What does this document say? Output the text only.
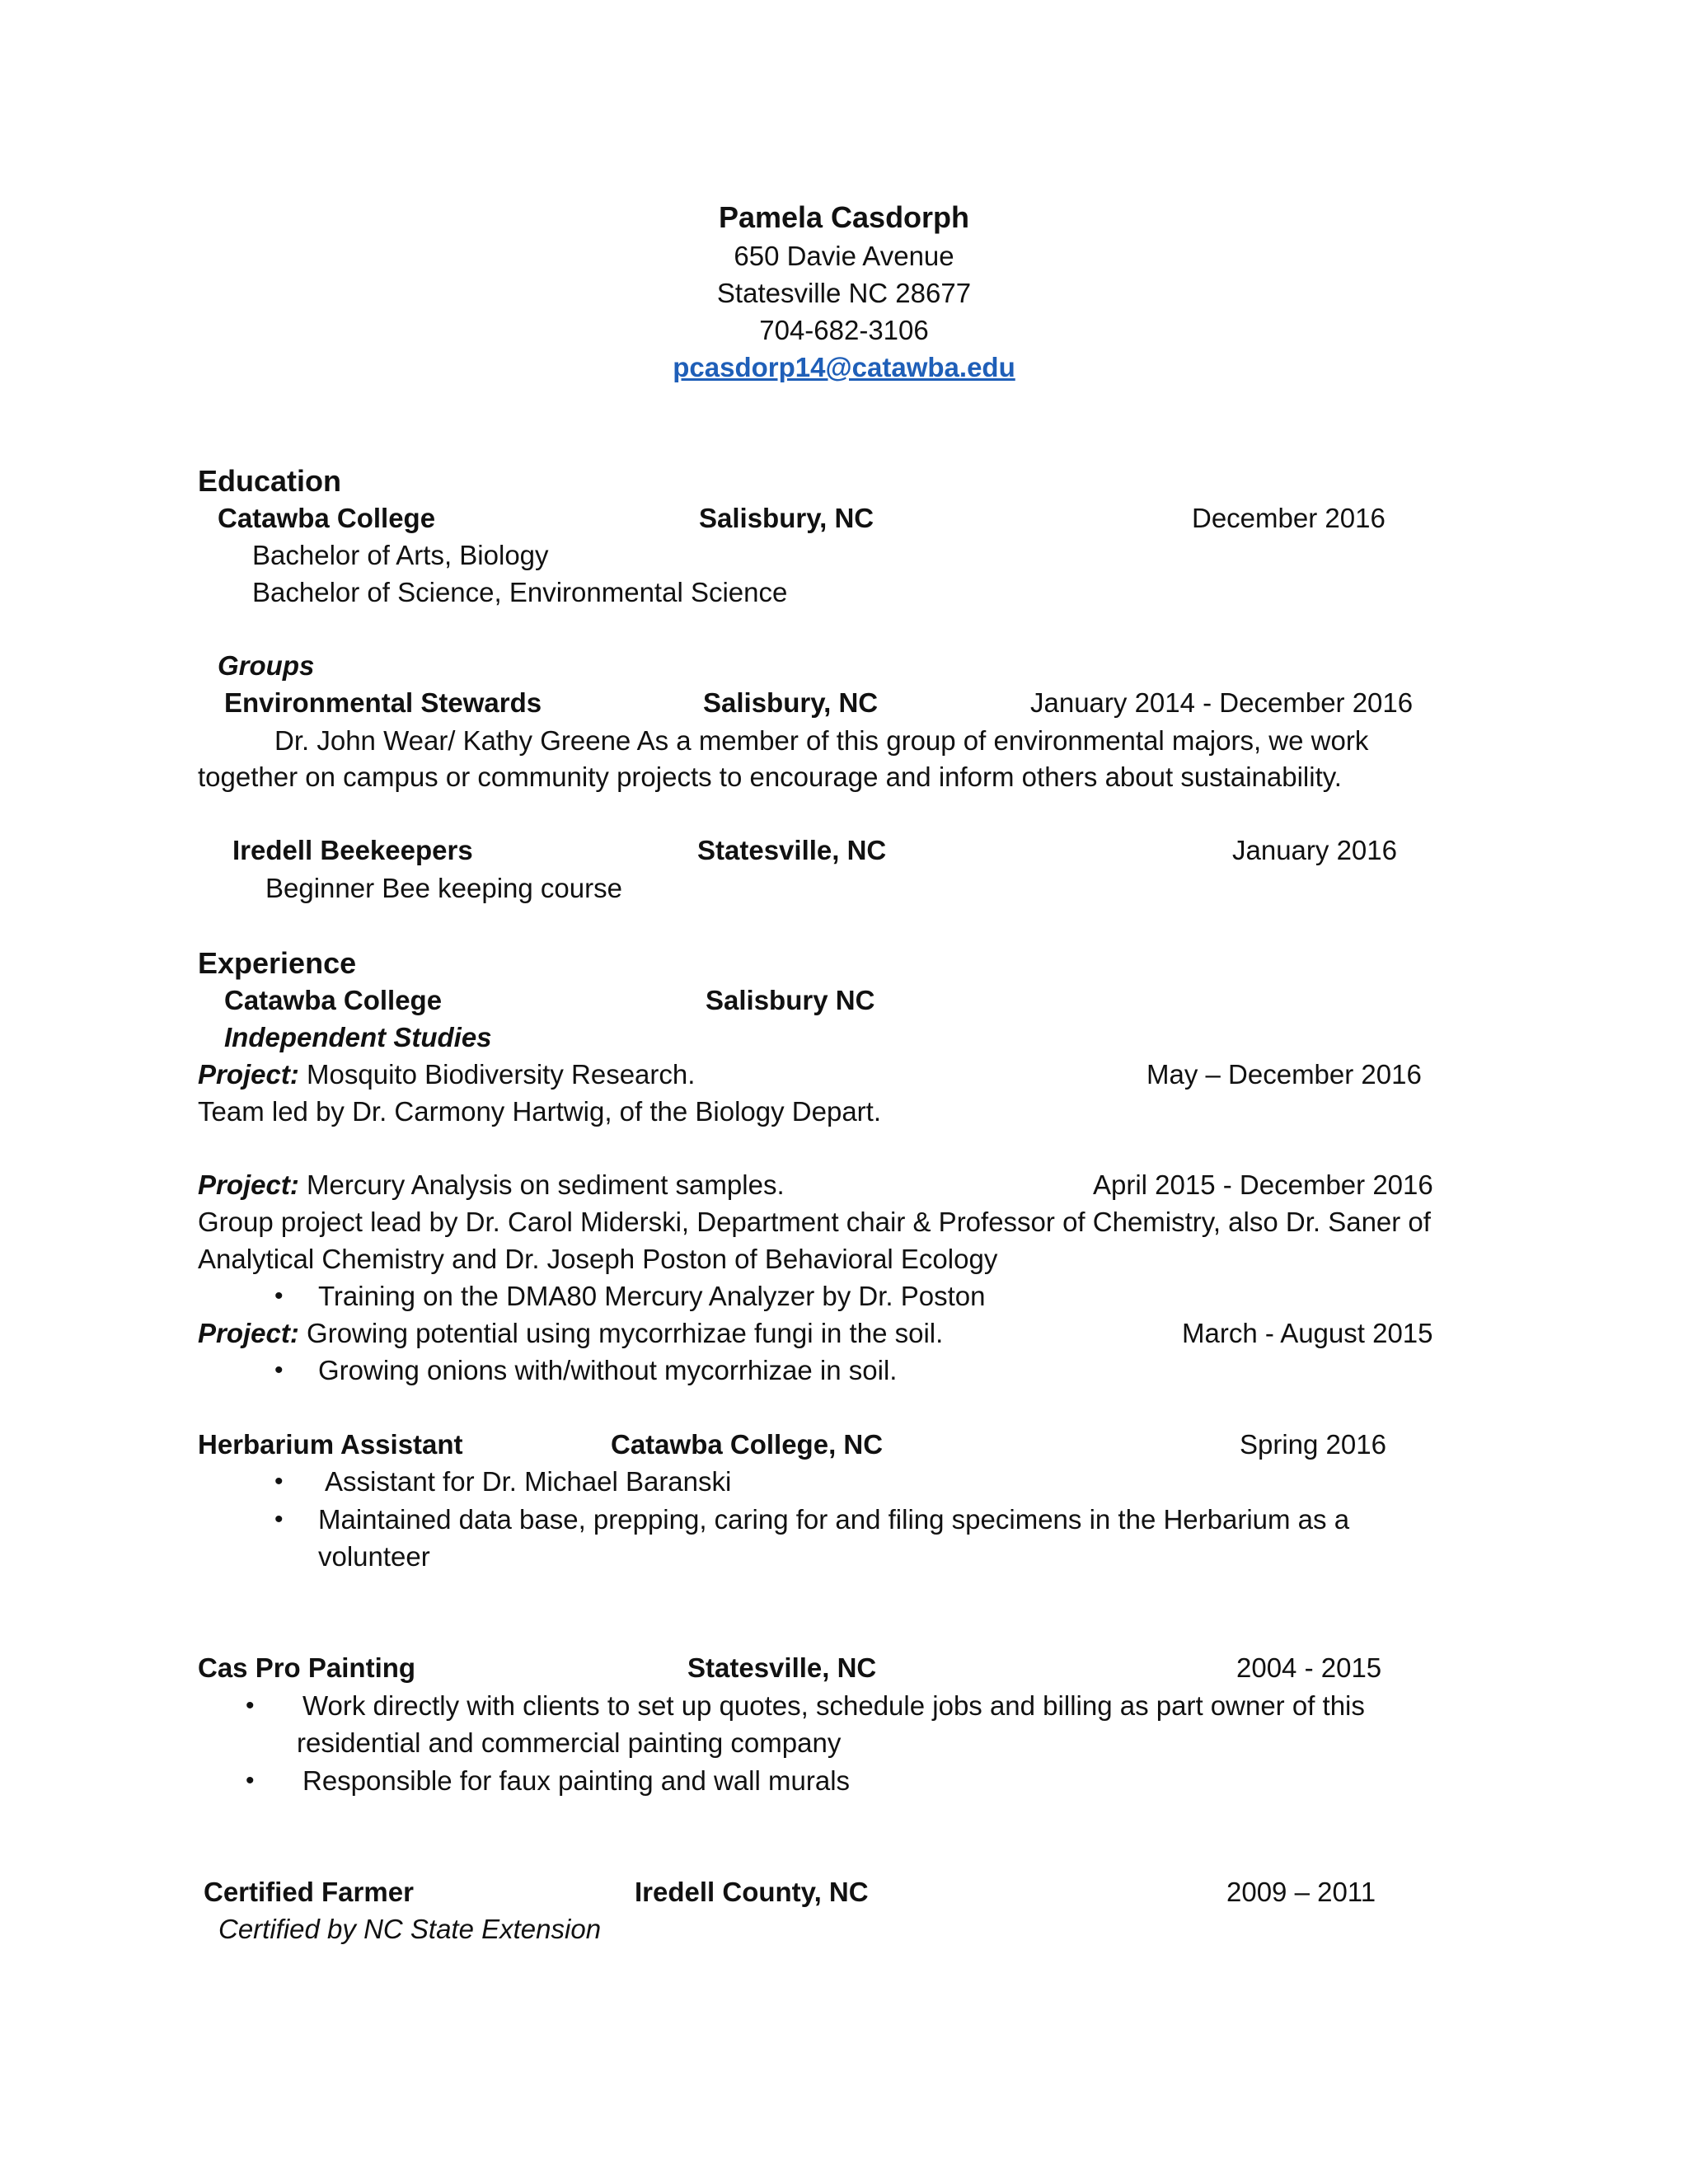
Pamela Casdorph
650 Davie Avenue
Statesville NC 28677
704-682-3106
pcasdorp14@catawba.edu
Education
Catawba College	Salisbury, NC	December 2016
Bachelor of Arts, Biology
Bachelor of Science, Environmental Science
Groups
Environmental Stewards	Salisbury, NC	January 2014 - December 2016
Dr. John Wear/ Kathy Greene As a member of this group of environmental majors, we work
together on campus or community projects to encourage and inform others about sustainability.
Iredell Beekeepers	Statesville, NC	January 2016
Beginner Bee keeping course
Experience
Catawba College	Salisbury NC
Independent Studies
Project: Mosquito Biodiversity Research.	May – December 2016
Team led by Dr. Carmony Hartwig, of the Biology Depart.
Project: Mercury Analysis on sediment samples.	April 2015 - December 2016
Group project lead by Dr. Carol Miderski, Department chair & Professor of Chemistry, also Dr. Saner of
Analytical Chemistry and Dr. Joseph Poston of Behavioral Ecology
• Training on the DMA80 Mercury Analyzer by Dr. Poston
Project: Growing potential using mycorrhizae fungi in the soil.	March - August 2015
• Growing onions with/without mycorrhizae in soil.
Herbarium Assistant	Catawba College, NC	Spring 2016
• Assistant for Dr. Michael Baranski
• Maintained data base, prepping, caring for and filing specimens in the Herbarium as a
volunteer
Cas Pro Painting	Statesville, NC	2004 - 2015
• Work directly with clients to set up quotes, schedule jobs and billing as part owner of this
residential and commercial painting company
• Responsible for faux painting and wall murals
Certified Farmer	Iredell County, NC	2009 – 2011
Certified by NC State Extension
